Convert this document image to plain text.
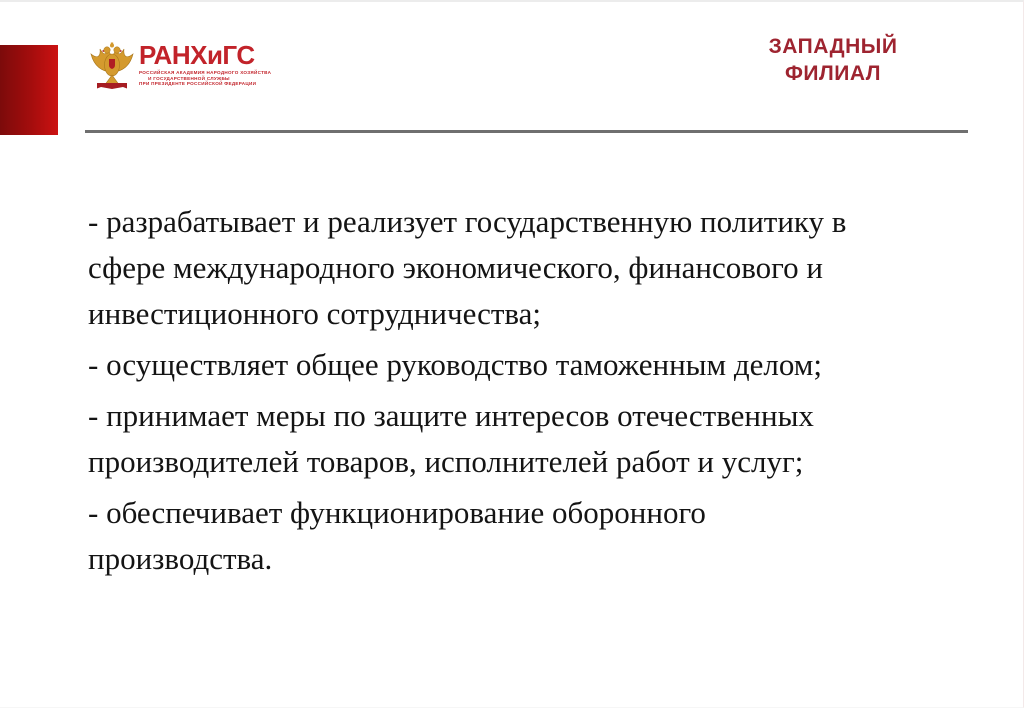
РАНХиГС
РОССИЙСКАЯ АКАДЕМИЯ НАРОДНОГО ХОЗЯЙСТВА
И ГОСУДАРСТВЕННОЙ СЛУЖБЫ
ПРИ ПРЕЗИДЕНТЕ РОССИЙСКОЙ ФЕДЕРАЦИИ
ЗАПАДНЫЙ
ФИЛИАЛ
- разрабатывает и реализует государственную политику в
сфере международного экономического, финансового и
инвестиционного сотрудничества;
- осуществляет общее руководство таможенным делом;
- принимает меры по защите интересов отечественных
производителей товаров, исполнителей работ и услуг;
- обеспечивает функционирование оборонного
производства.
